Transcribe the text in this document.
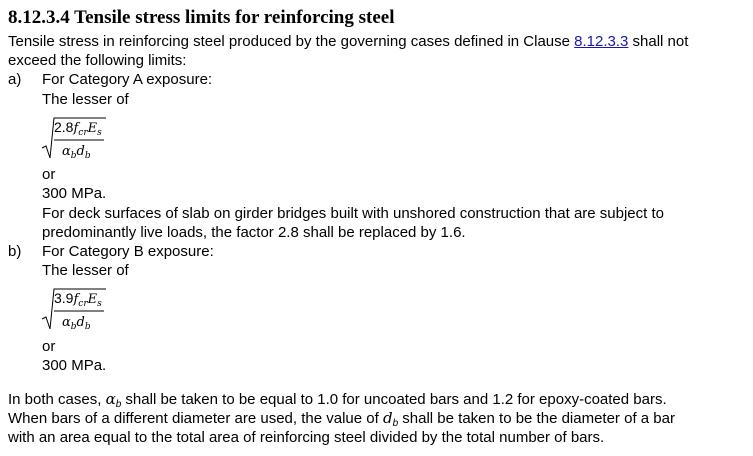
8.12.3.4 Tensile stress limits for reinforcing steel
Tensile stress in reinforcing steel produced by the governing cases defined in Clause 8.12.3.3 shall not
exceed the following limits:
a) For Category A exposure:
The lesser of
$2.8f_{cr}E_s$
$\alpha_bd_b$
or
300 MPa.
For deck surfaces of slab on girder bridges built with unshored construction that are subject to
predominantly live loads, the factor 2.8 shall be replaced by 1.6.
b) For Category B exposure:
The lesser of
$3.9f_{cr}E_s$
$\alpha_bd_b$
or
300 MPa.
In both cases, $\alpha_b$ shall be taken to be equal to 1.0 for uncoated bars and 1.2 for epoxy-coated bars.
When bars of a different diameter are used, the value of $d_b$ shall be taken to be the diameter of a bar
with an area equal to the total area of reinforcing steel divided by the total number of bars.
